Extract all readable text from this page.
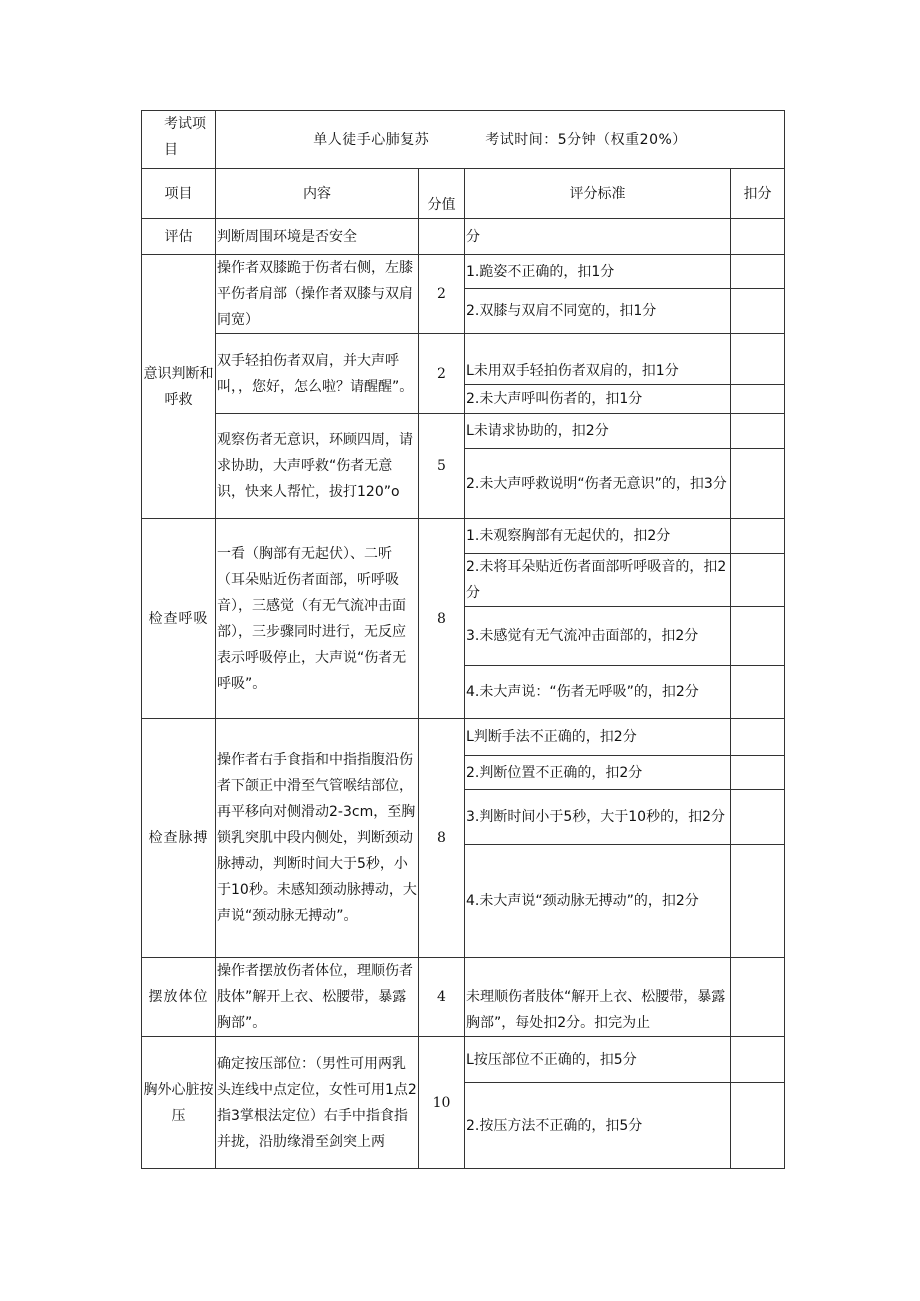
考试项目	单人徒手心肺复苏 考试时间：5分钟（权重20%）			
项目	内容	分值	评分标准	扣分
评估	判断周围环境是否安全		分	
意识判断和呼救	操作者双膝跪于伤者右侧，左膝平伤者肩部（操作者双膝与双肩同宽）	2	1.跪姿不正确的，扣1分	
			2.双膝与双肩不同宽的，扣1分	
	双手轻拍伤者双肩，并大声呼叫，，您好，怎么啦？请醒醒”。	2	L未用双手轻拍伤者双肩的，扣1分	
			2.未大声呼叫伤者的，扣1分	
	观察伤者无意识，环顾四周，请求协助，大声呼救“伤者无意识，快来人帮忙，拔打120”o	5	L未请求协助的，扣2分	
			2.未大声呼救说明“伤者无意识”的，扣3分	
检查呼吸	一看（胸部有无起伏）、二听（耳朵贴近伤者面部，听呼吸音），三感觉（有无气流冲击面部），三步骤同时进行，无反应表示呼吸停止，大声说“伤者无呼吸”。	8	1.未观察胸部有无起伏的，扣2分	
			2.未将耳朵贴近伤者面部听呼吸音的，扣2分	
			3.未感觉有无气流冲击面部的，扣2分	
			4.未大声说：“伤者无呼吸”的，扣2分	
检查脉搏	操作者右手食指和中指指腹沿伤者下颌正中滑至气管喉结部位，再平移向对侧滑动2-3cm，至胸锁乳突肌中段内侧处，判断颈动脉搏动，判断时间大于5秒，小于10秒。未感知颈动脉搏动，大声说“颈动脉无搏动”。	8	L判断手法不正确的，扣2分	
			2.判断位置不正确的，扣2分	
			3.判断时间小于5秒，大于10秒的，扣2分	
			4.未大声说“颈动脉无搏动”的，扣2分	
摆放体位	操作者摆放伤者体位，理顺伤者肢体”解开上衣、松腰带，暴露胸部”。	4	未理顺伤者肢体“解开上衣、松腰带，暴露胸部”，每处扣2分。扣完为止	
胸外心脏按压	确定按压部位：（男性可用两乳头连线中点定位，女性可用1点2指3掌根法定位）右手中指食指并拢，沿肋缘滑至剑突上两	10	L按压部位不正确的，扣5分	
			2.按压方法不正确的，扣5分	
